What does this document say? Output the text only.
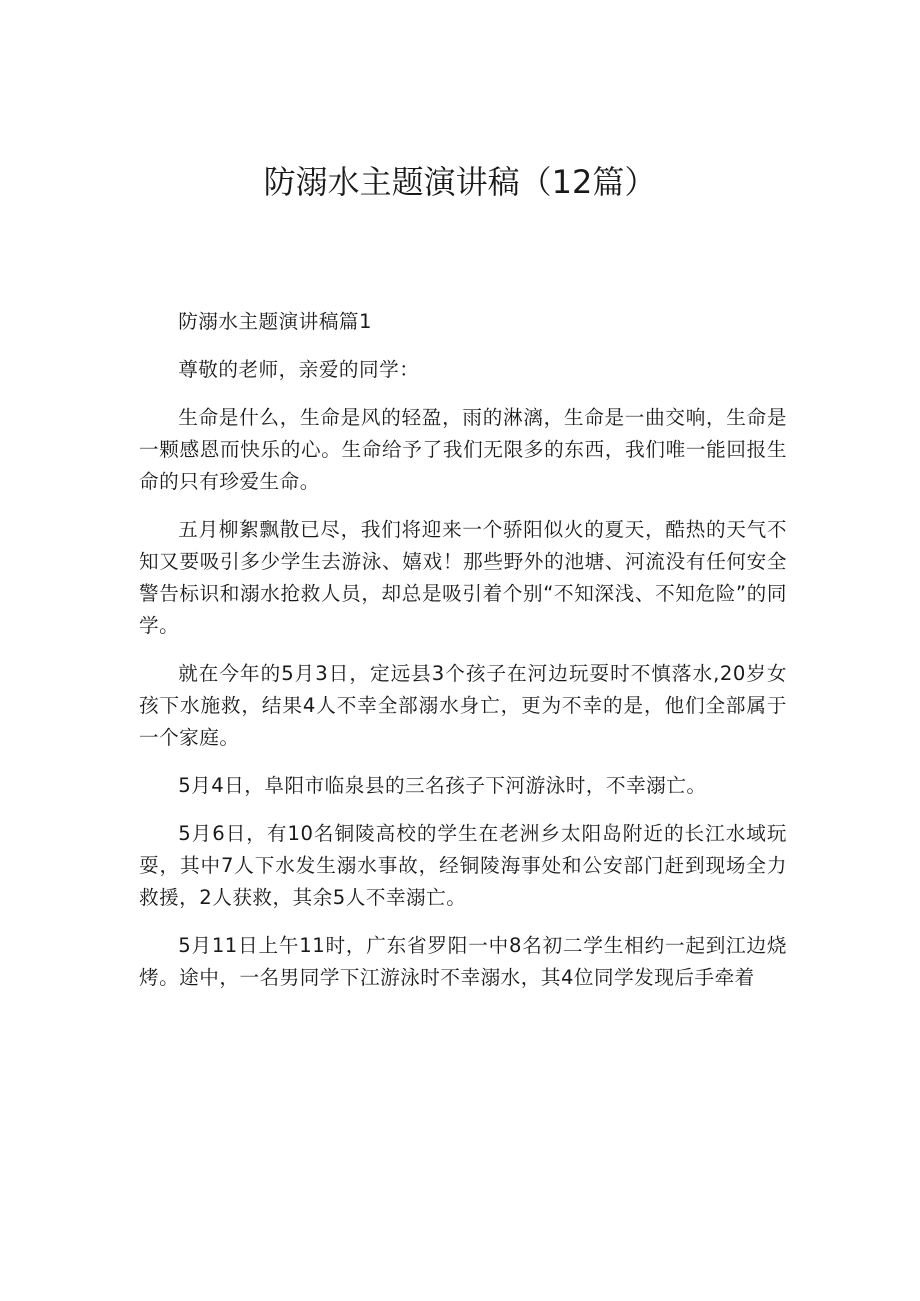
防溺水主题演讲稿（12篇）

防溺水主题演讲稿篇1

尊敬的老师，亲爱的同学：

生命是什么，生命是风的轻盈，雨的淋漓，生命是一曲交响，生命是一颗感恩而快乐的心。生命给予了我们无限多的东西，我们唯一能回报生命的只有珍爱生命。

五月柳絮飘散已尽，我们将迎来一个骄阳似火的夏天，酷热的天气不知又要吸引多少学生去游泳、嬉戏！那些野外的池塘、河流没有任何安全警告标识和溺水抢救人员，却总是吸引着个别“不知深浅、不知危险”的同学。

就在今年的5月3日，定远县3个孩子在河边玩耍时不慎落水,20岁女孩下水施救，结果4人不幸全部溺水身亡，更为不幸的是，他们全部属于一个家庭。

5月4日，阜阳市临泉县的三名孩子下河游泳时，不幸溺亡。

5月6日，有10名铜陵高校的学生在老洲乡太阳岛附近的长江水域玩耍，其中7人下水发生溺水事故，经铜陵海事处和公安部门赶到现场全力救援，2人获救，其余5人不幸溺亡。

5月11日上午11时，广东省罗阳一中8名初二学生相约一起到江边烧烤。途中，一名男同学下江游泳时不幸溺水，其4位同学发现后手牵着
